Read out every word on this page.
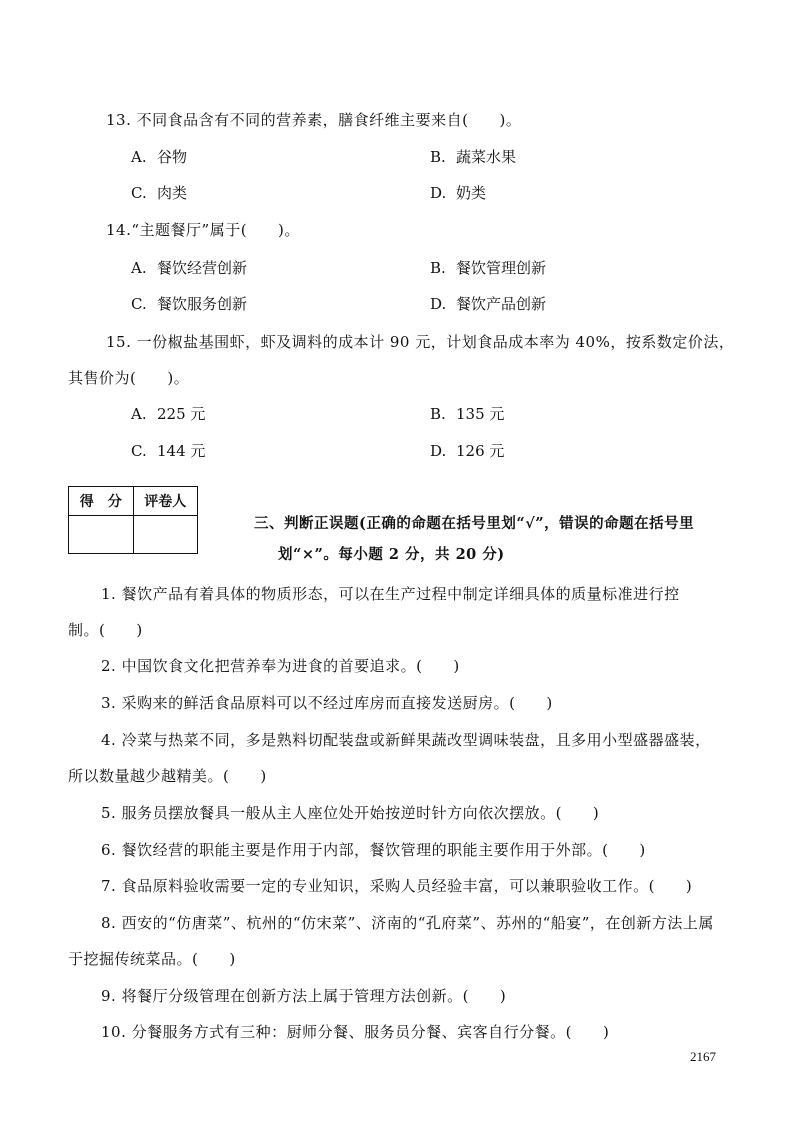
13. 不同食品含有不同的营养素，膳食纤维主要来自(　　)。
A. 谷物	B. 蔬菜水果
C. 肉类	D. 奶类
14.“主题餐厅”属于(　　)。
A. 餐饮经营创新	B. 餐饮管理创新
C. 餐饮服务创新	D. 餐饮产品创新
15. 一份椒盐基围虾，虾及调料的成本计 90 元，计划食品成本率为 40%，按系数定价法，
其售价为(　　)。
A. 225 元	B. 135 元
C. 144 元	D. 126 元
得　分	评卷人

三、判断正误题(正确的命题在括号里划“√”，错误的命题在括号里
划“×”。每小题 2 分，共 20 分)
1. 餐饮产品有着具体的物质形态，可以在生产过程中制定详细具体的质量标准进行控
制。(　　)
2. 中国饮食文化把营养奉为进食的首要追求。(　　)
3. 采购来的鲜活食品原料可以不经过库房而直接发送厨房。(　　)
4. 冷菜与热菜不同，多是熟料切配装盘或新鲜果蔬改型调味装盘，且多用小型盛器盛装，
所以数量越少越精美。(　　)
5. 服务员摆放餐具一般从主人座位处开始按逆时针方向依次摆放。(　　)
6. 餐饮经营的职能主要是作用于内部，餐饮管理的职能主要作用于外部。(　　)
7. 食品原料验收需要一定的专业知识，采购人员经验丰富，可以兼职验收工作。(　　)
8. 西安的“仿唐菜”、杭州的“仿宋菜”、济南的“孔府菜”、苏州的“船宴”，在创新方法上属
于挖掘传统菜品。(　　)
9. 将餐厅分级管理在创新方法上属于管理方法创新。(　　)
10. 分餐服务方式有三种：厨师分餐、服务员分餐、宾客自行分餐。(　　)
2167
